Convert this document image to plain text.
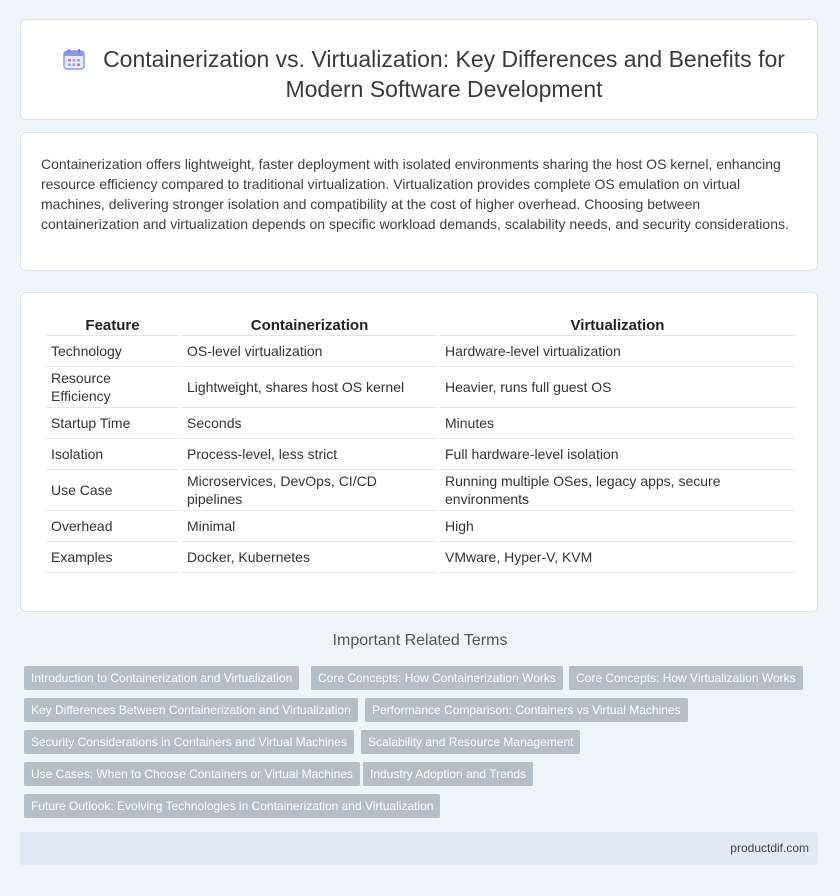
Containerization vs. Virtualization: Key Differences and Benefits for Modern Software Development

Containerization offers lightweight, faster deployment with isolated environments sharing the host OS kernel, enhancing resource efficiency compared to traditional virtualization. Virtualization provides complete OS emulation on virtual machines, delivering stronger isolation and compatibility at the cost of higher overhead. Choosing between containerization and virtualization depends on specific workload demands, scalability needs, and security considerations.

Feature	Containerization	Virtualization
Technology	OS-level virtualization	Hardware-level virtualization
Resource Efficiency	Lightweight, shares host OS kernel	Heavier, runs full guest OS
Startup Time	Seconds	Minutes
Isolation	Process-level, less strict	Full hardware-level isolation
Use Case	Microservices, DevOps, CI/CD pipelines	Running multiple OSes, legacy apps, secure environments
Overhead	Minimal	High
Examples	Docker, Kubernetes	VMware, Hyper-V, KVM
Important Related Terms
Introduction to Containerization and Virtualization	Core Concepts: How Containerization Works	Core Concepts: How Virtualization Works
Key Differences Between Containerization and Virtualization	Performance Comparison: Containers vs Virtual Machines
Security Considerations in Containers and Virtual Machines	Scalability and Resource Management
Use Cases: When to Choose Containers or Virtual Machines	Industry Adoption and Trends
Future Outlook: Evolving Technologies in Containerization and Virtualization
productdif.com
